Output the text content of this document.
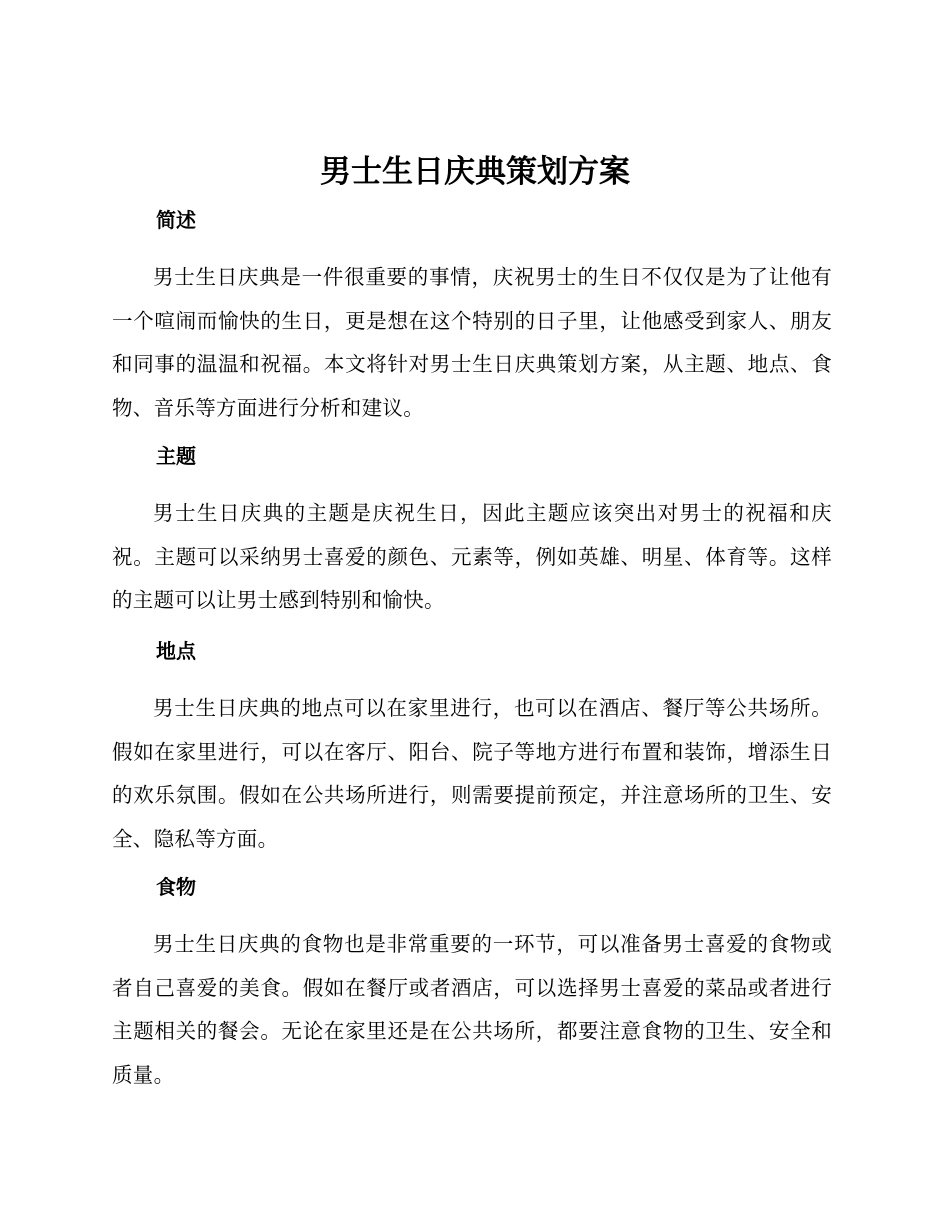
男士生日庆典策划方案
简述

男士生日庆典是一件很重要的事情，庆祝男士的生日不仅仅是为了让他有一个喧闹而愉快的生日，更是想在这个特别的日子里，让他感受到家人、朋友和同事的温温和祝福。本文将针对男士生日庆典策划方案，从主题、地点、食物、音乐等方面进行分析和建议。

主题

男士生日庆典的主题是庆祝生日，因此主题应该突出对男士的祝福和庆祝。主题可以采纳男士喜爱的颜色、元素等，例如英雄、明星、体育等。这样的主题可以让男士感到特别和愉快。

地点

男士生日庆典的地点可以在家里进行，也可以在酒店、餐厅等公共场所。假如在家里进行，可以在客厅、阳台、院子等地方进行布置和装饰，增添生日的欢乐氛围。假如在公共场所进行，则需要提前预定，并注意场所的卫生、安全、隐私等方面。

食物

男士生日庆典的食物也是非常重要的一环节，可以准备男士喜爱的食物或者自己喜爱的美食。假如在餐厅或者酒店，可以选择男士喜爱的菜品或者进行主题相关的餐会。无论在家里还是在公共场所，都要注意食物的卫生、安全和质量。
